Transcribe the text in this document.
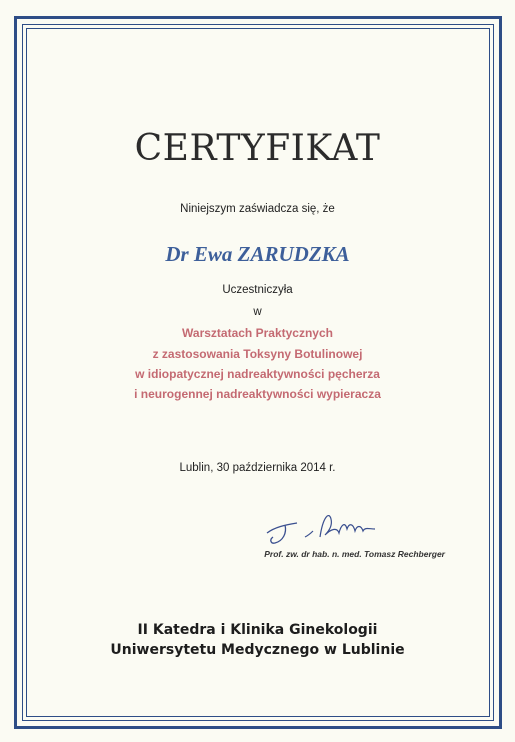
CERTYFIKAT
Niniejszym zaświadcza się, że
Dr Ewa ZARUDZKA
Uczestniczyła
w
Warsztatach Praktycznych
z zastosowania Toksyny Botulinowej
w idiopatycznej nadreaktywności pęcherza
i neurogennej nadreaktywności wypieracza
Lublin, 30 października 2014 r.
Prof. zw. dr hab. n. med. Tomasz Rechberger
II Katedra i Klinika Ginekologii
Uniwersytetu Medycznego w Lublinie
